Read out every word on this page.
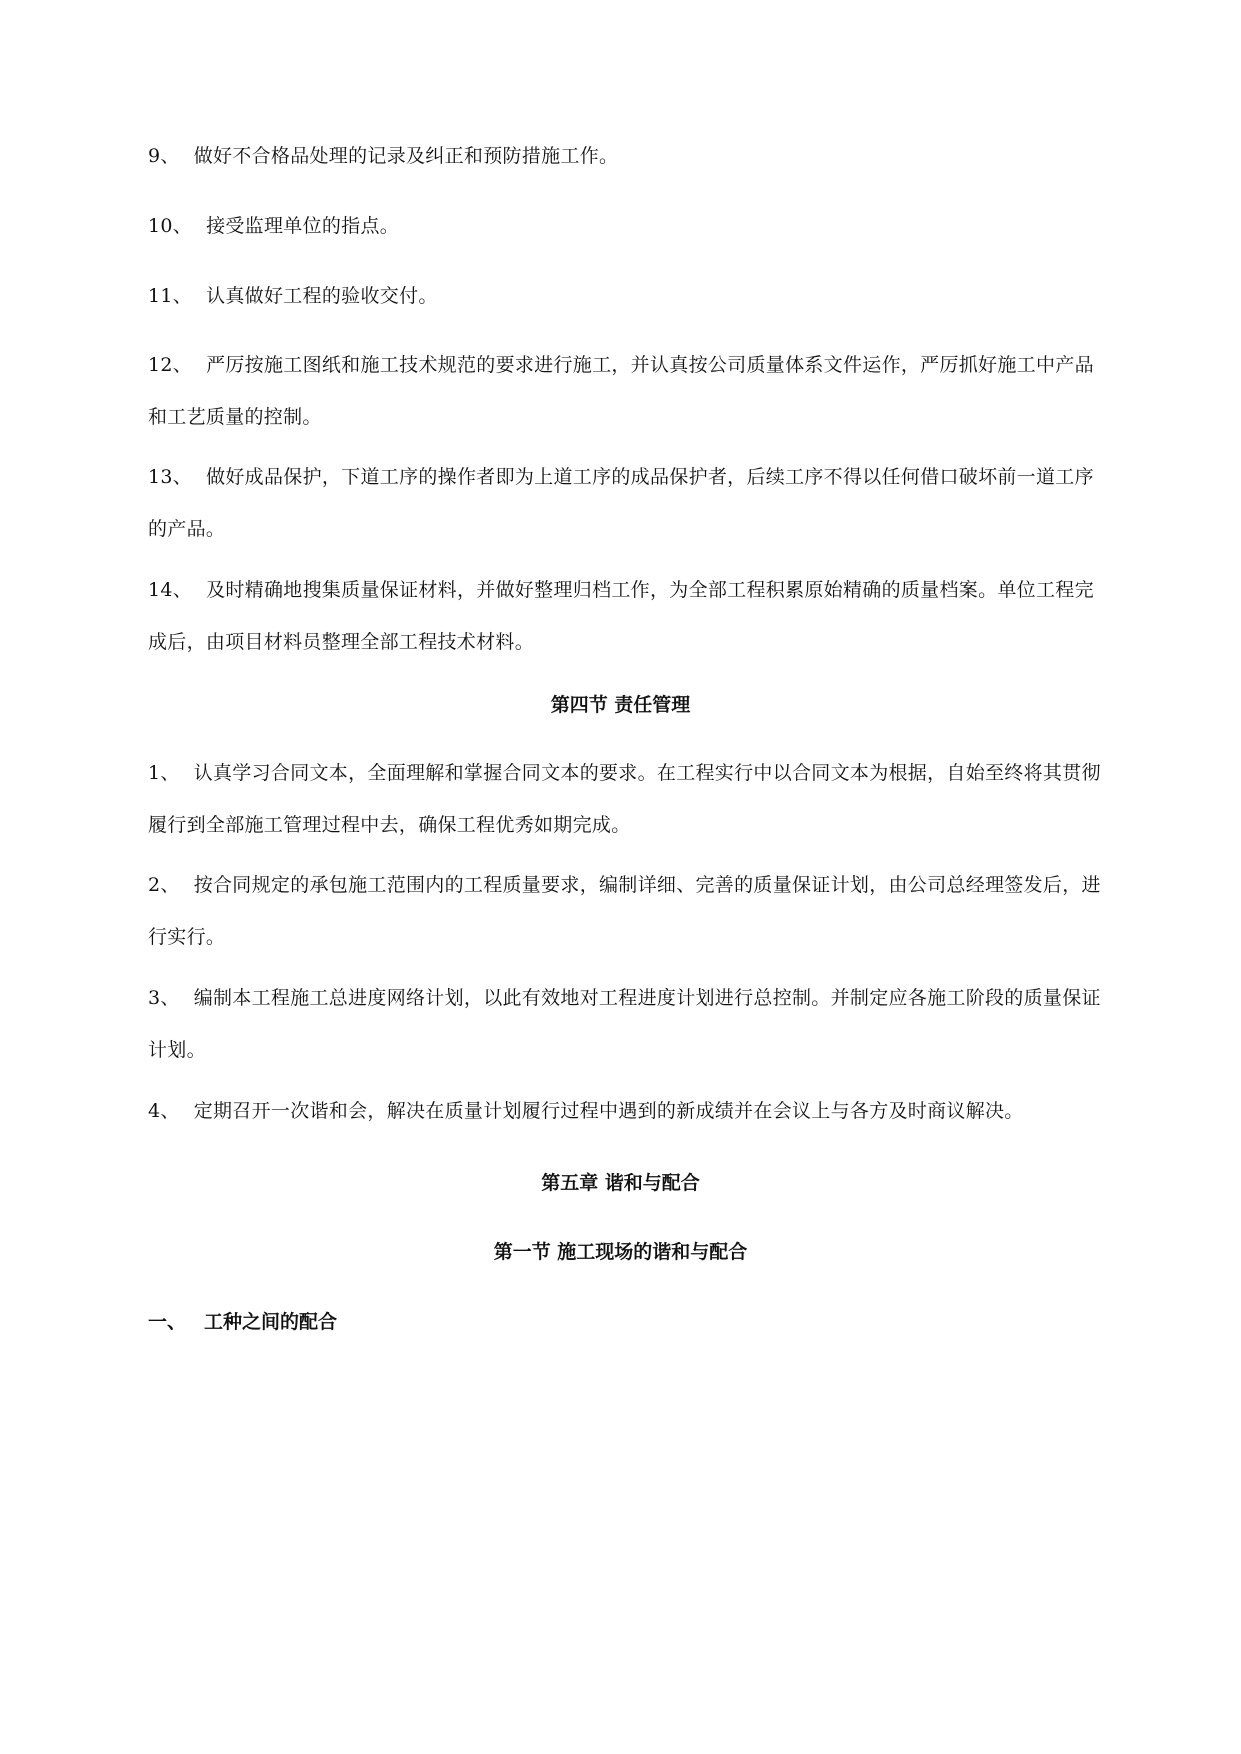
9、 做好不合格品处理的记录及纠正和预防措施工作。

10、 接受监理单位的指点。

11、 认真做好工程的验收交付。

12、 严厉按施工图纸和施工技术规范的要求进行施工，并认真按公司质量体系文件运作，严厉抓好施工中产品和工艺质量的控制。

13、 做好成品保护，下道工序的操作者即为上道工序的成品保护者，后续工序不得以任何借口破坏前一道工序的产品。

14、 及时精确地搜集质量保证材料，并做好整理归档工作，为全部工程积累原始精确的质量档案。单位工程完成后，由项目材料员整理全部工程技术材料。

第四节 责任管理

1、 认真学习合同文本，全面理解和掌握合同文本的要求。在工程实行中以合同文本为根据，自始至终将其贯彻履行到全部施工管理过程中去，确保工程优秀如期完成。

2、 按合同规定的承包施工范围内的工程质量要求，编制详细、完善的质量保证计划，由公司总经理签发后，进行实行。

3、 编制本工程施工总进度网络计划，以此有效地对工程进度计划进行总控制。并制定应各施工阶段的质量保证计划。

4、 定期召开一次谐和会，解决在质量计划履行过程中遇到的新成绩并在会议上与各方及时商议解决。

第五章 谐和与配合
第一节 施工现场的谐和与配合
一、 工种之间的配合
